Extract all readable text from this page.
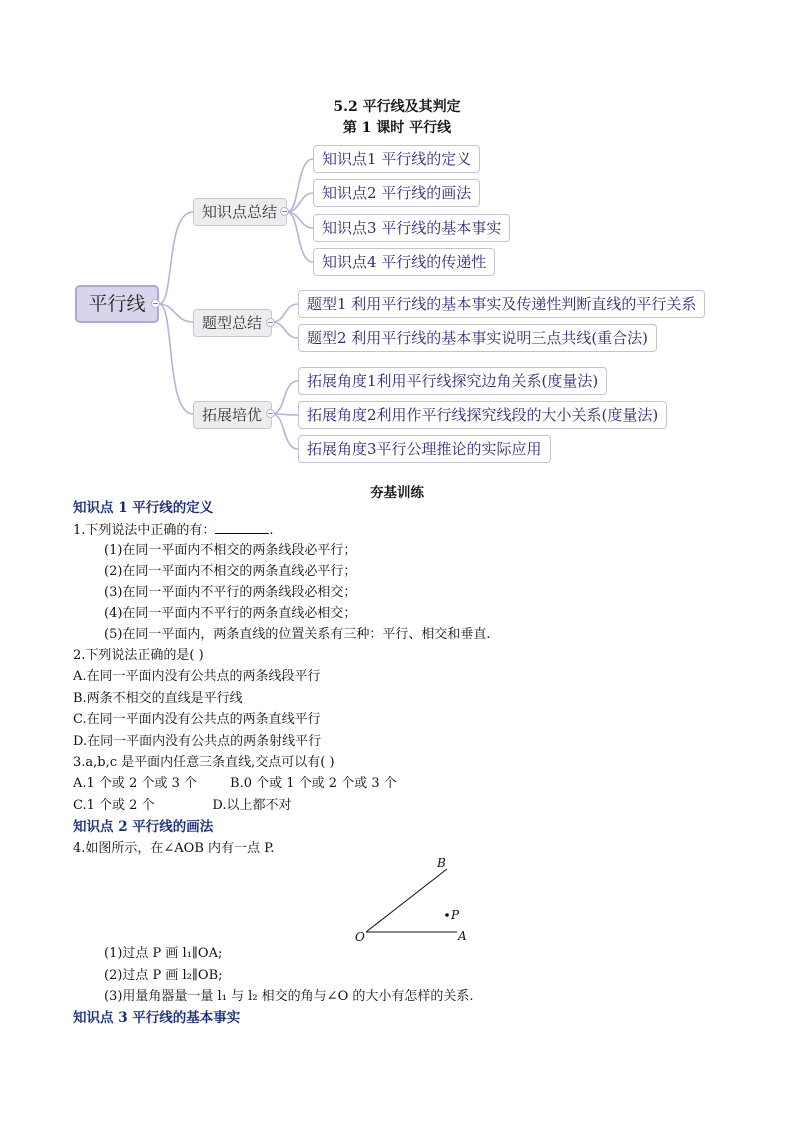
5.2 平行线及其判定
第 1 课时 平行线
平行线
知识点总结
题型总结
拓展培优
知识点1 平行线的定义
知识点2 平行线的画法
知识点3 平行线的基本事实
知识点4 平行线的传递性
题型1 利用平行线的基本事实及传递性判断直线的平行关系
题型2 利用平行线的基本事实说明三点共线(重合法)
拓展角度1利用平行线探究边角关系(度量法)
拓展角度2利用作平行线探究线段的大小关系(度量法)
拓展角度3平行公理推论的实际应用
夯基训练
知识点 1 平行线的定义
1.下列说法中正确的有：	.
(1)在同一平面内不相交的两条线段必平行；
(2)在同一平面内不相交的两条直线必平行；
(3)在同一平面内不平行的两条线段必相交；
(4)在同一平面内不平行的两条直线必相交；
(5)在同一平面内，两条直线的位置关系有三种：平行、相交和垂直.
2.下列说法正确的是( )
A.在同一平面内没有公共点的两条线段平行
B.两条不相交的直线是平行线
C.在同一平面内没有公共点的两条直线平行
D.在同一平面内没有公共点的两条射线平行
3.a,b,c 是平面内任意三条直线,交点可以有( )
A.1 个或 2 个或 3 个        B.0 个或 1 个或 2 个或 3 个
C.1 个或 2 个              D.以上都不对
知识点 2 平行线的画法
4.如图所示，在∠AOB 内有一点 P.
B
P
O	A
(1)过点 P 画 l₁∥OA;
(2)过点 P 画 l₂∥OB;
(3)用量角器量一量 l₁ 与 l₂ 相交的角与∠O 的大小有怎样的关系.
知识点 3 平行线的基本事实
